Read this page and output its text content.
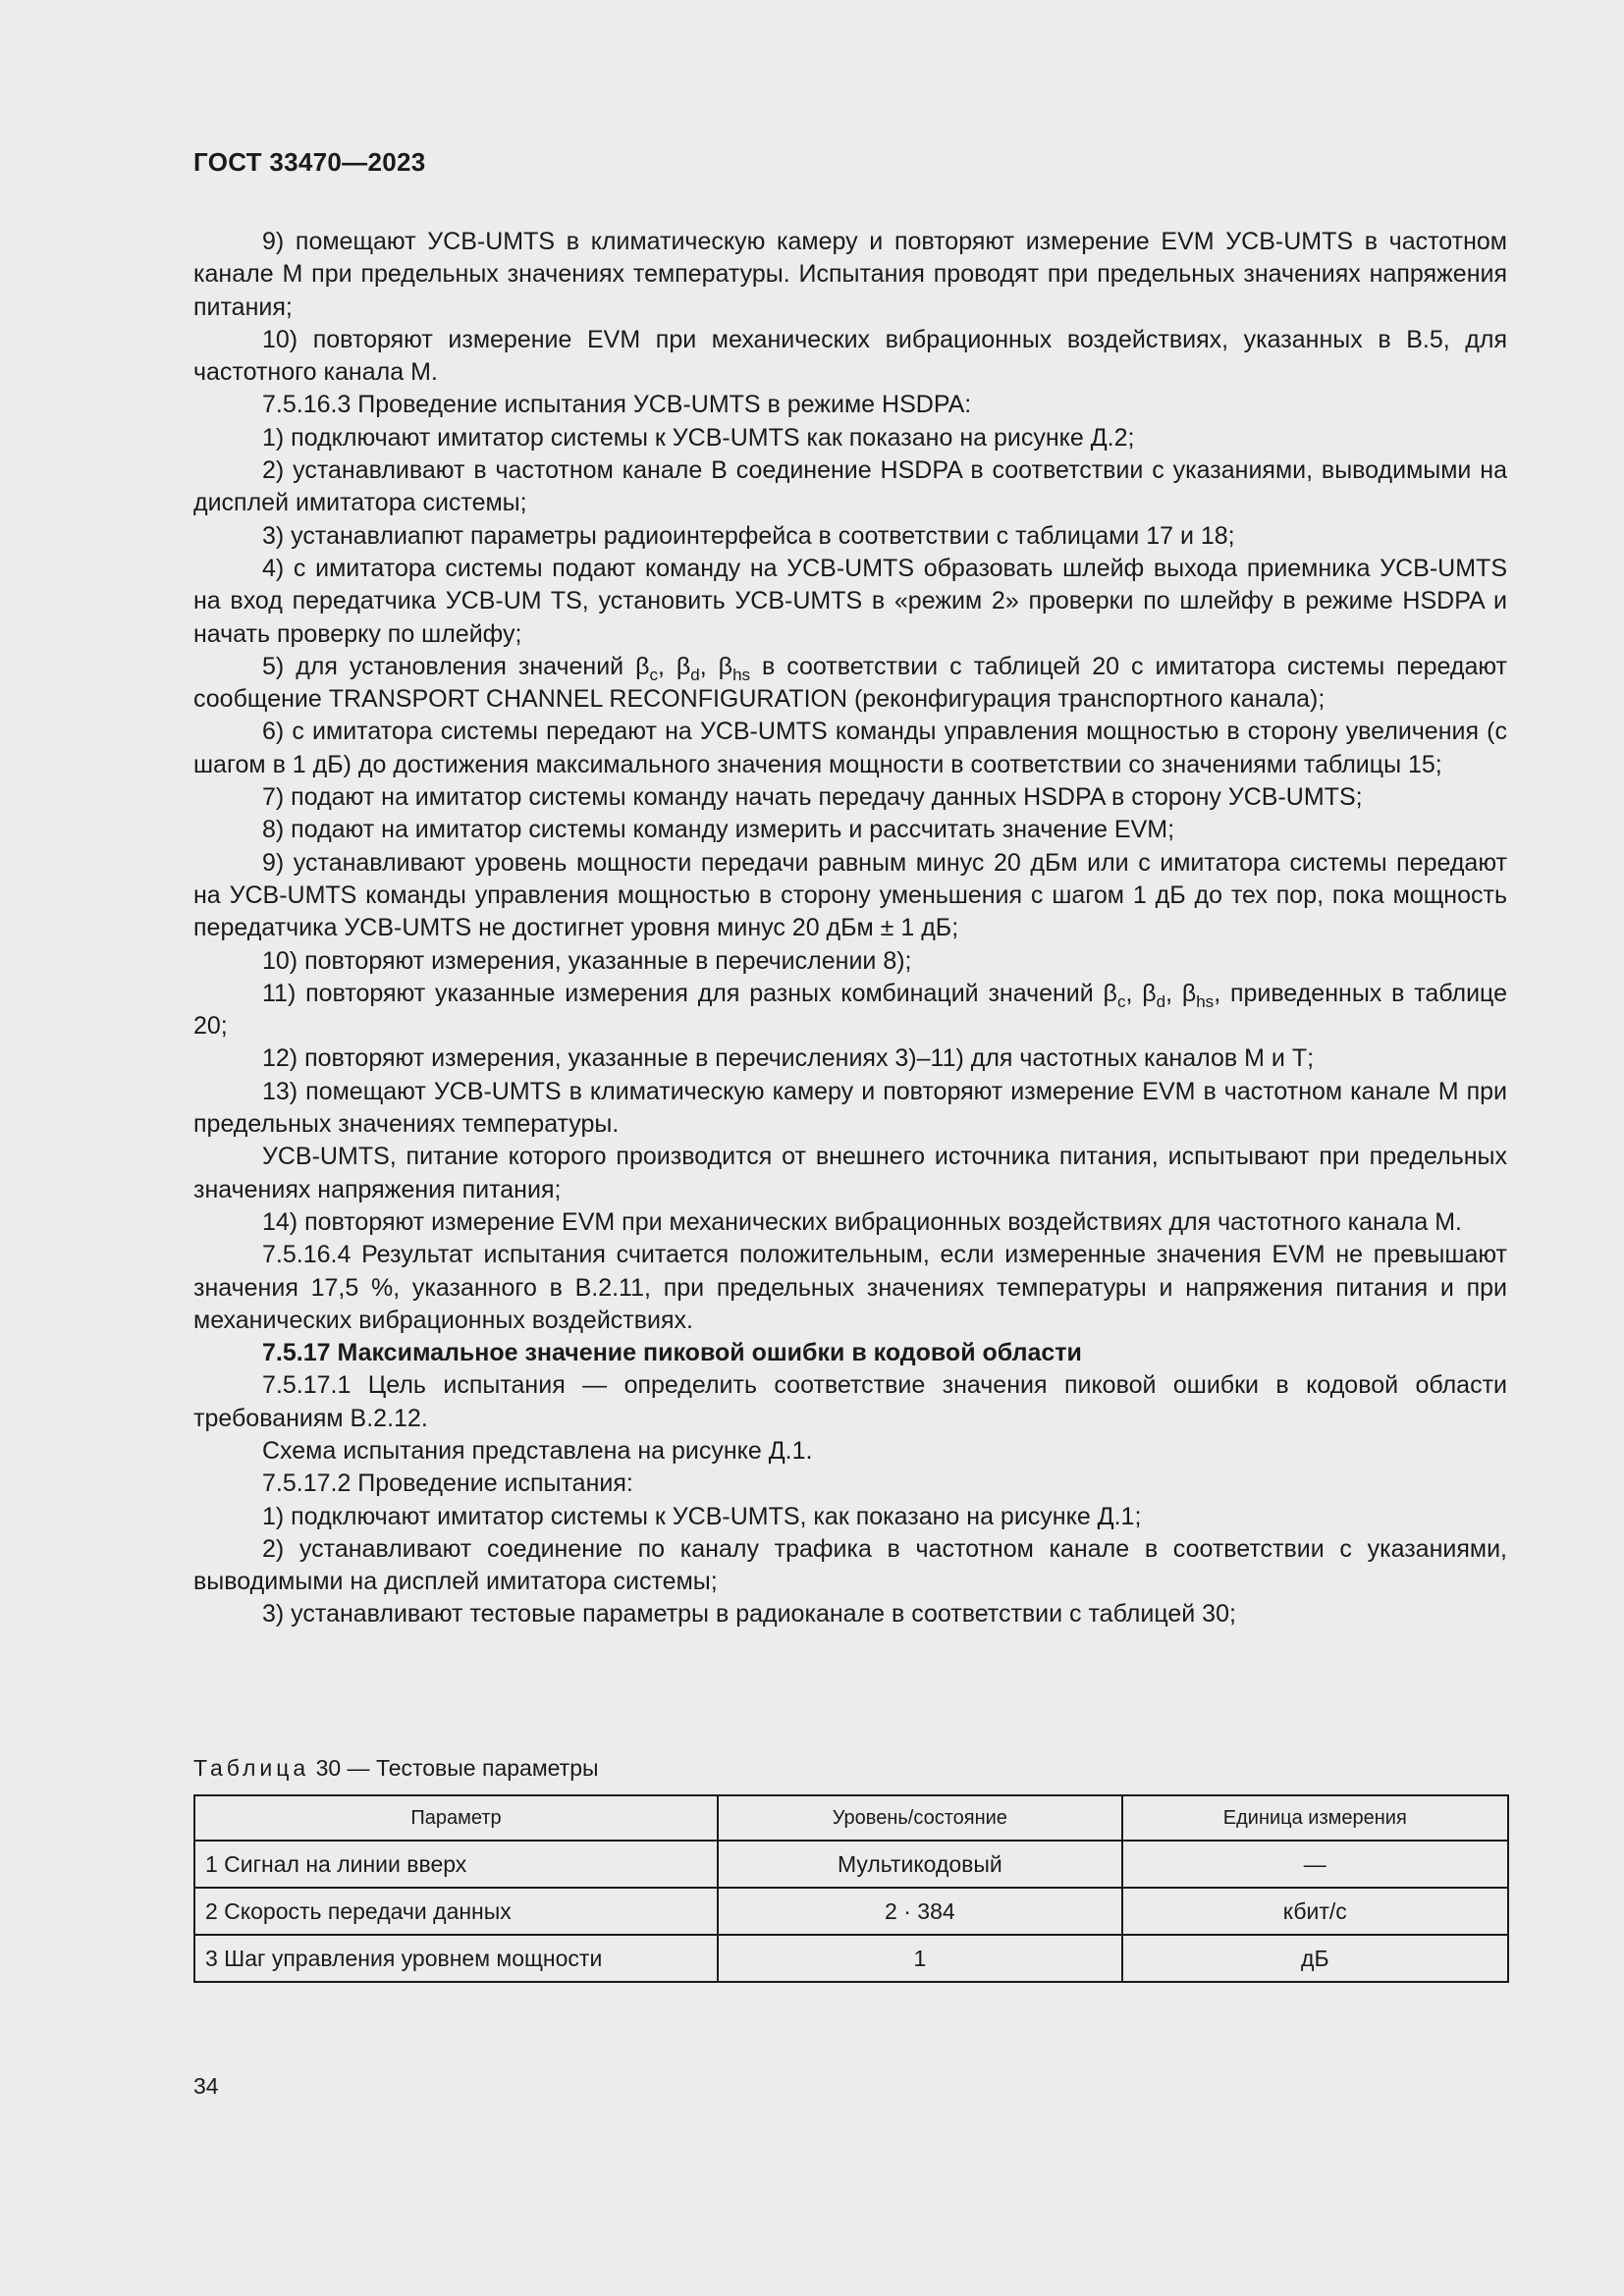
ГОСТ 33470—2023

9) помещают УСВ-UMTS в климатическую камеру и повторяют измерение EVM УСВ-UMTS в частотном канале М при предельных значениях температуры. Испытания проводят при предельных значениях напряжения питания;

10) повторяют измерение EVM при механических вибрационных воздействиях, указанных в В.5, для частотного канала М.

7.5.16.3 Проведение испытания УСВ-UMTS в режиме HSDPA:

1) подключают имитатор системы к УСВ-UMTS как показано на рисунке Д.2;

2) устанавливают в частотном канале В соединение HSDPA в соответствии с указаниями, выводимыми на дисплей имитатора системы;

3) устанавлиапют параметры радиоинтерфейса в соответствии с таблицами 17 и 18;

4) с имитатора системы подают команду на УСВ-UMTS образовать шлейф выхода приемника УСВ-UMTS на вход передатчика УСВ-UM TS, установить УСВ-UMTS в «режим 2» проверки по шлейфу в режиме HSDPA и начать проверку по шлейфу;

5) для установления значений $\beta_c$, $\beta_d$, $\beta_{hs}$ в соответствии с таблицей 20 с имитатора системы передают сообщение TRANSPORT CHANNEL RECONFIGURATION (реконфигурация транспортного канала);

6) с имитатора системы передают на УСВ-UMTS команды управления мощностью в сторону увеличения (с шагом в 1 дБ) до достижения максимального значения мощности в соответствии со значениями таблицы 15;

7) подают на имитатор системы команду начать передачу данных HSDPA в сторону УСВ-UMTS;

8) подают на имитатор системы команду измерить и рассчитать значение EVM;

9) устанавливают уровень мощности передачи равным минус 20 дБм или с имитатора системы передают на УСВ-UMTS команды управления мощностью в сторону уменьшения с шагом 1 дБ до тех пор, пока мощность передатчика УСВ-UMTS не достигнет уровня минус 20 дБм ± 1 дБ;

10) повторяют измерения, указанные в перечислении 8);

11) повторяют указанные измерения для разных комбинаций значений $\beta_c$, $\beta_d$, $\beta_{hs}$, приведенных в таблице 20;

12) повторяют измерения, указанные в перечислениях 3)–11) для частотных каналов М и Т;

13) помещают УСВ-UMTS в климатическую камеру и повторяют измерение EVM в частотном канале М при предельных значениях температуры.

УСВ-UMTS, питание которого производится от внешнего источника питания, испытывают при предельных значениях напряжения питания;

14) повторяют измерение EVM при механических вибрационных воздействиях для частотного канала М.

7.5.16.4 Результат испытания считается положительным, если измеренные значения EVM не превышают значения 17,5 %, указанного в В.2.11, при предельных значениях температуры и напряжения питания и при механических вибрационных воздействиях.

7.5.17 Максимальное значение пиковой ошибки в кодовой области

7.5.17.1 Цель испытания — определить соответствие значения пиковой ошибки в кодовой области требованиям В.2.12.

Схема испытания представлена на рисунке Д.1.

7.5.17.2 Проведение испытания:

1) подключают имитатор системы к УСВ-UMTS, как показано на рисунке Д.1;

2) устанавливают соединение по каналу трафика в частотном канале в соответствии с указаниями, выводимыми на дисплей имитатора системы;

3) устанавливают тестовые параметры в радиоканале в соответствии с таблицей 30;

Таблица 30 — Тестовые параметры
Параметр	Уровень/состояние	Единица измерения
1 Сигнал на линии вверх	Мультикодовый	—
2 Скорость передачи данных	2 · 384	кбит/с
3 Шаг управления уровнем мощности	1	дБ
34
